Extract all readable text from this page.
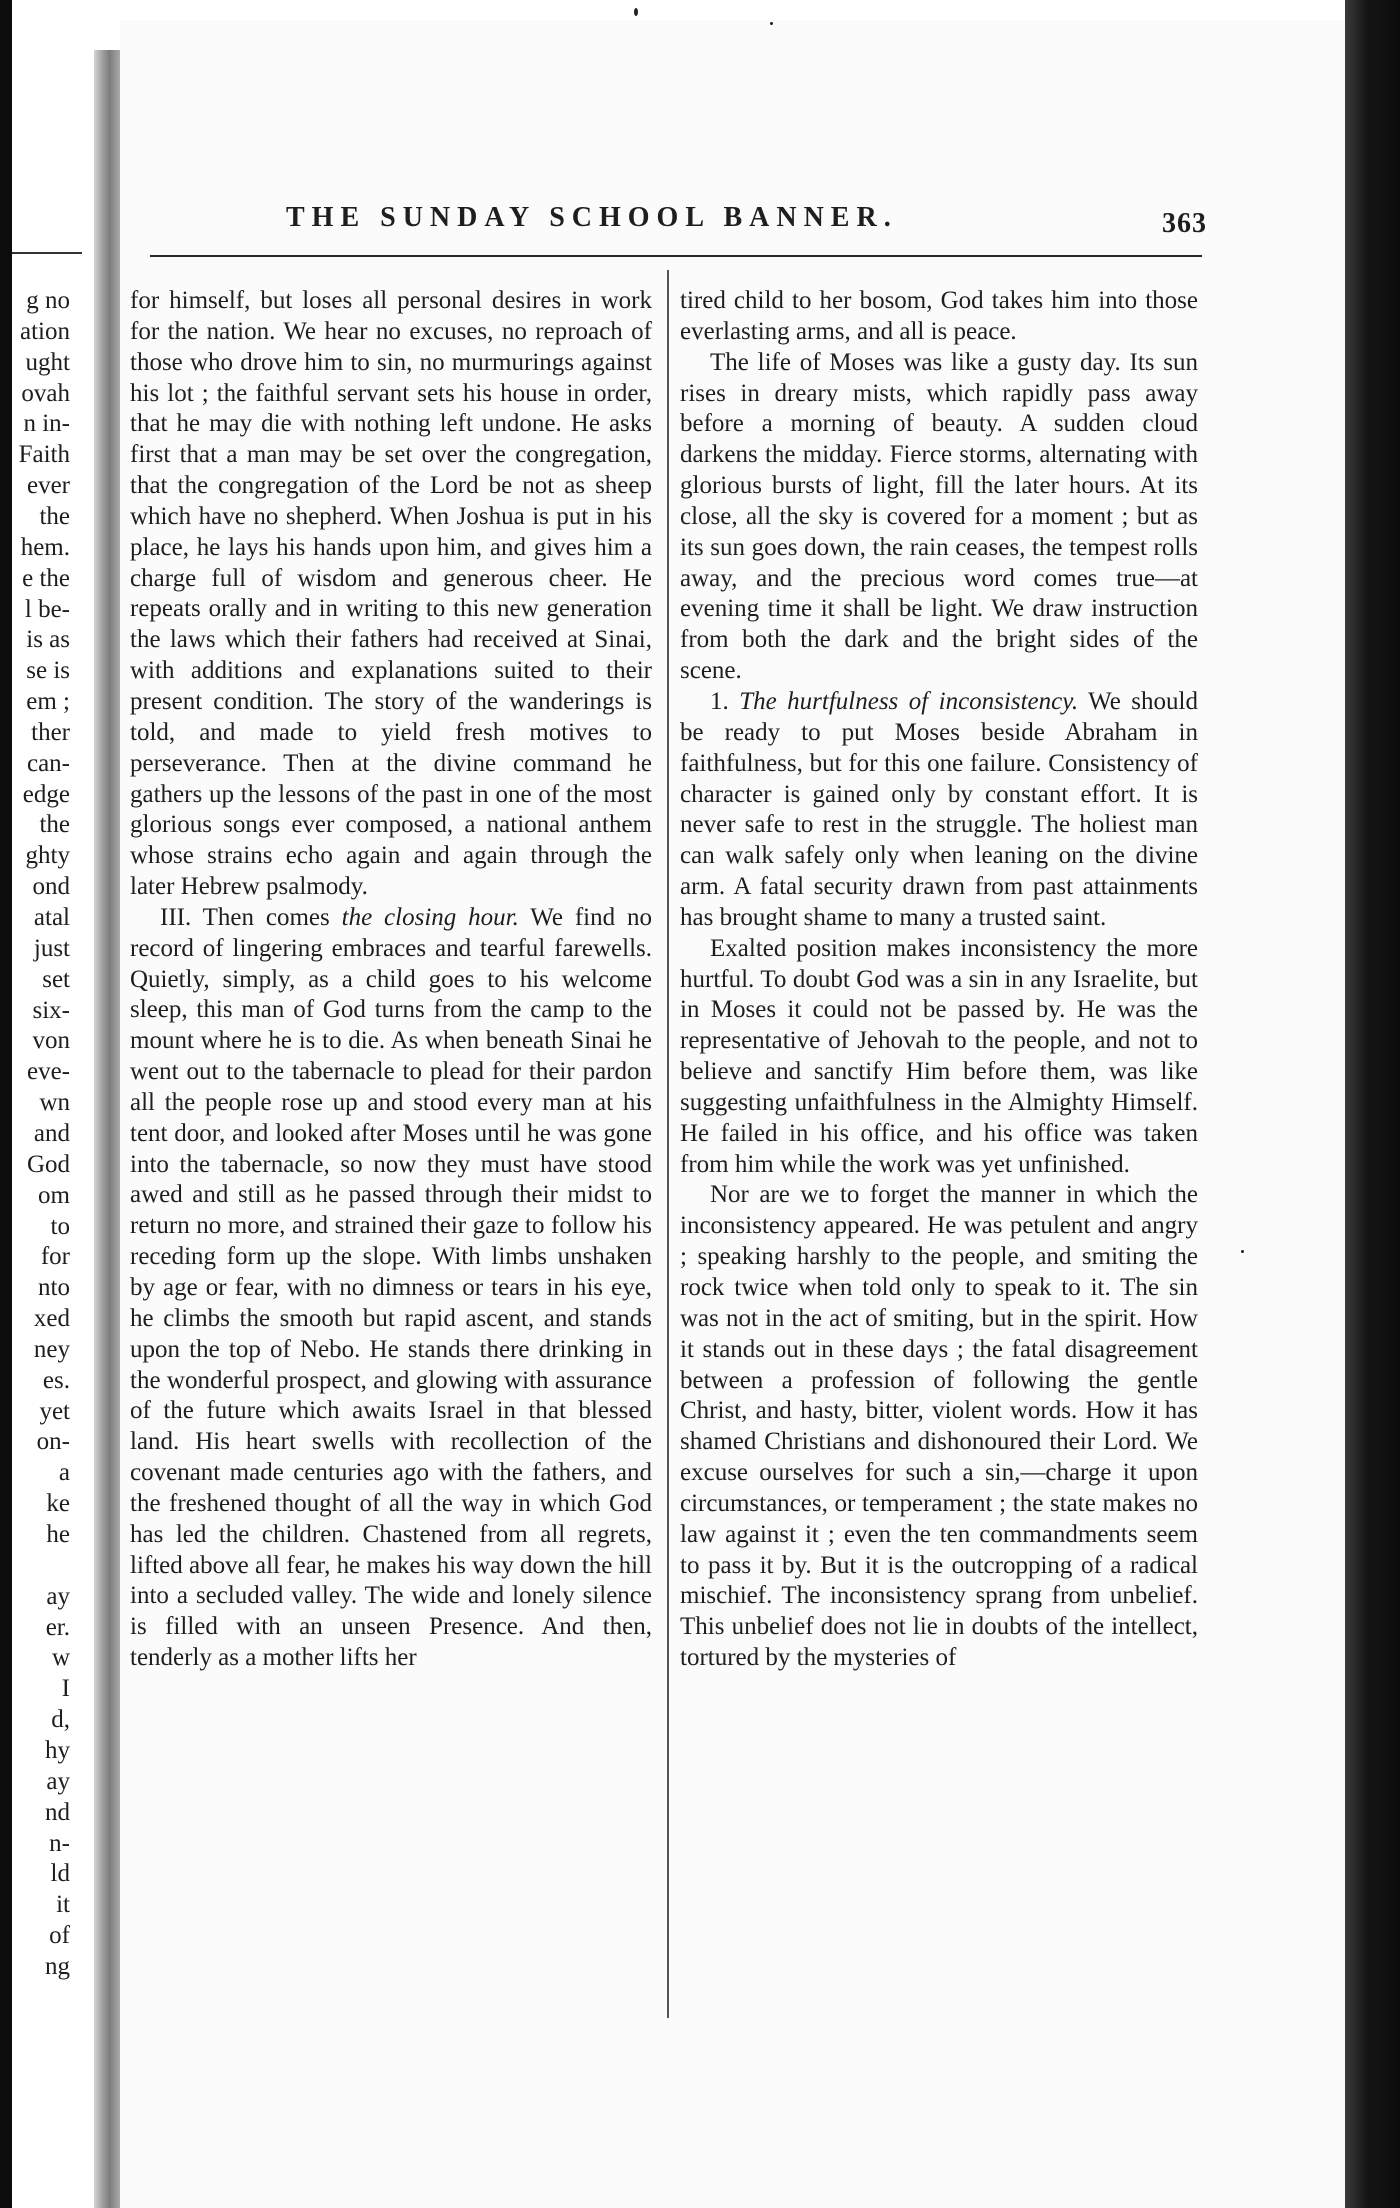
g no
ation
ught
ovah
n in-
Faith
ever
the
hem.
e the
l be-
is as
se is
em ;
ther
can-
edge
the
ghty
ond
atal
just
set
six-
von
eve-
wn
and
God
om
to
for
nto
xed
ney
es.
yet
on-
a
ke
he
ay
er.
w
I
d,
hy
ay
nd
n-
ld
it
of
ng
THE SUNDAY SCHOOL BANNER.	363

for himself, but loses all personal desires in work for the nation. We hear no excuses, no reproach of those who drove him to sin, no murmurings against his lot ; the faithful servant sets his house in order, that he may die with nothing left undone. He asks first that a man may be set over the congregation, that the congregation of the Lord be not as sheep which have no shepherd. When Joshua is put in his place, he lays his hands upon him, and gives him a charge full of wisdom and generous cheer. He repeats orally and in writing to this new generation the laws which their fathers had received at Sinai, with additions and explanations suited to their present condition. The story of the wanderings is told, and made to yield fresh motives to perseverance. Then at the divine command he gathers up the lessons of the past in one of the most glorious songs ever composed, a national anthem whose strains echo again and again through the later Hebrew psalmody.

III. Then comes the closing hour. We find no record of lingering embraces and tearful farewells. Quietly, simply, as a child goes to his welcome sleep, this man of God turns from the camp to the mount where he is to die. As when beneath Sinai he went out to the tabernacle to plead for their pardon all the people rose up and stood every man at his tent door, and looked after Moses until he was gone into the tabernacle, so now they must have stood awed and still as he passed through their midst to return no more, and strained their gaze to follow his receding form up the slope. With limbs unshaken by age or fear, with no dimness or tears in his eye, he climbs the smooth but rapid ascent, and stands upon the top of Nebo. He stands there drinking in the wonderful prospect, and glowing with assurance of the future which awaits Israel in that blessed land. His heart swells with recollection of the covenant made centuries ago with the fathers, and the freshened thought of all the way in which God has led the children. Chastened from all regrets, lifted above all fear, he makes his way down the hill into a secluded valley. The wide and lonely silence is filled with an unseen Presence. And then, tenderly as a mother lifts her

tired child to her bosom, God takes him into those everlasting arms, and all is peace.

The life of Moses was like a gusty day. Its sun rises in dreary mists, which rapidly pass away before a morning of beauty. A sudden cloud darkens the midday. Fierce storms, alternating with glorious bursts of light, fill the later hours. At its close, all the sky is covered for a moment ; but as its sun goes down, the rain ceases, the tempest rolls away, and the precious word comes true—at evening time it shall be light. We draw instruction from both the dark and the bright sides of the scene.

1. The hurtfulness of inconsistency. We should be ready to put Moses beside Abraham in faithfulness, but for this one failure. Consistency of character is gained only by constant effort. It is never safe to rest in the struggle. The holiest man can walk safely only when leaning on the divine arm. A fatal security drawn from past attainments has brought shame to many a trusted saint.

Exalted position makes inconsistency the more hurtful. To doubt God was a sin in any Israelite, but in Moses it could not be passed by. He was the representative of Jehovah to the people, and not to believe and sanctify Him before them, was like suggesting unfaithfulness in the Almighty Himself. He failed in his office, and his office was taken from him while the work was yet unfinished.

Nor are we to forget the manner in which the inconsistency appeared. He was petulent and angry ; speaking harshly to the people, and smiting the rock twice when told only to speak to it. The sin was not in the act of smiting, but in the spirit. How it stands out in these days ; the fatal disagreement between a profession of following the gentle Christ, and hasty, bitter, violent words. How it has shamed Christians and dishonoured their Lord. We excuse ourselves for such a sin,—charge it upon circumstances, or temperament ; the state makes no law against it ; even the ten commandments seem to pass it by. But it is the outcropping of a radical mischief. The inconsistency sprang from unbelief. This unbelief does not lie in doubts of the intellect, tortured by the mysteries of
